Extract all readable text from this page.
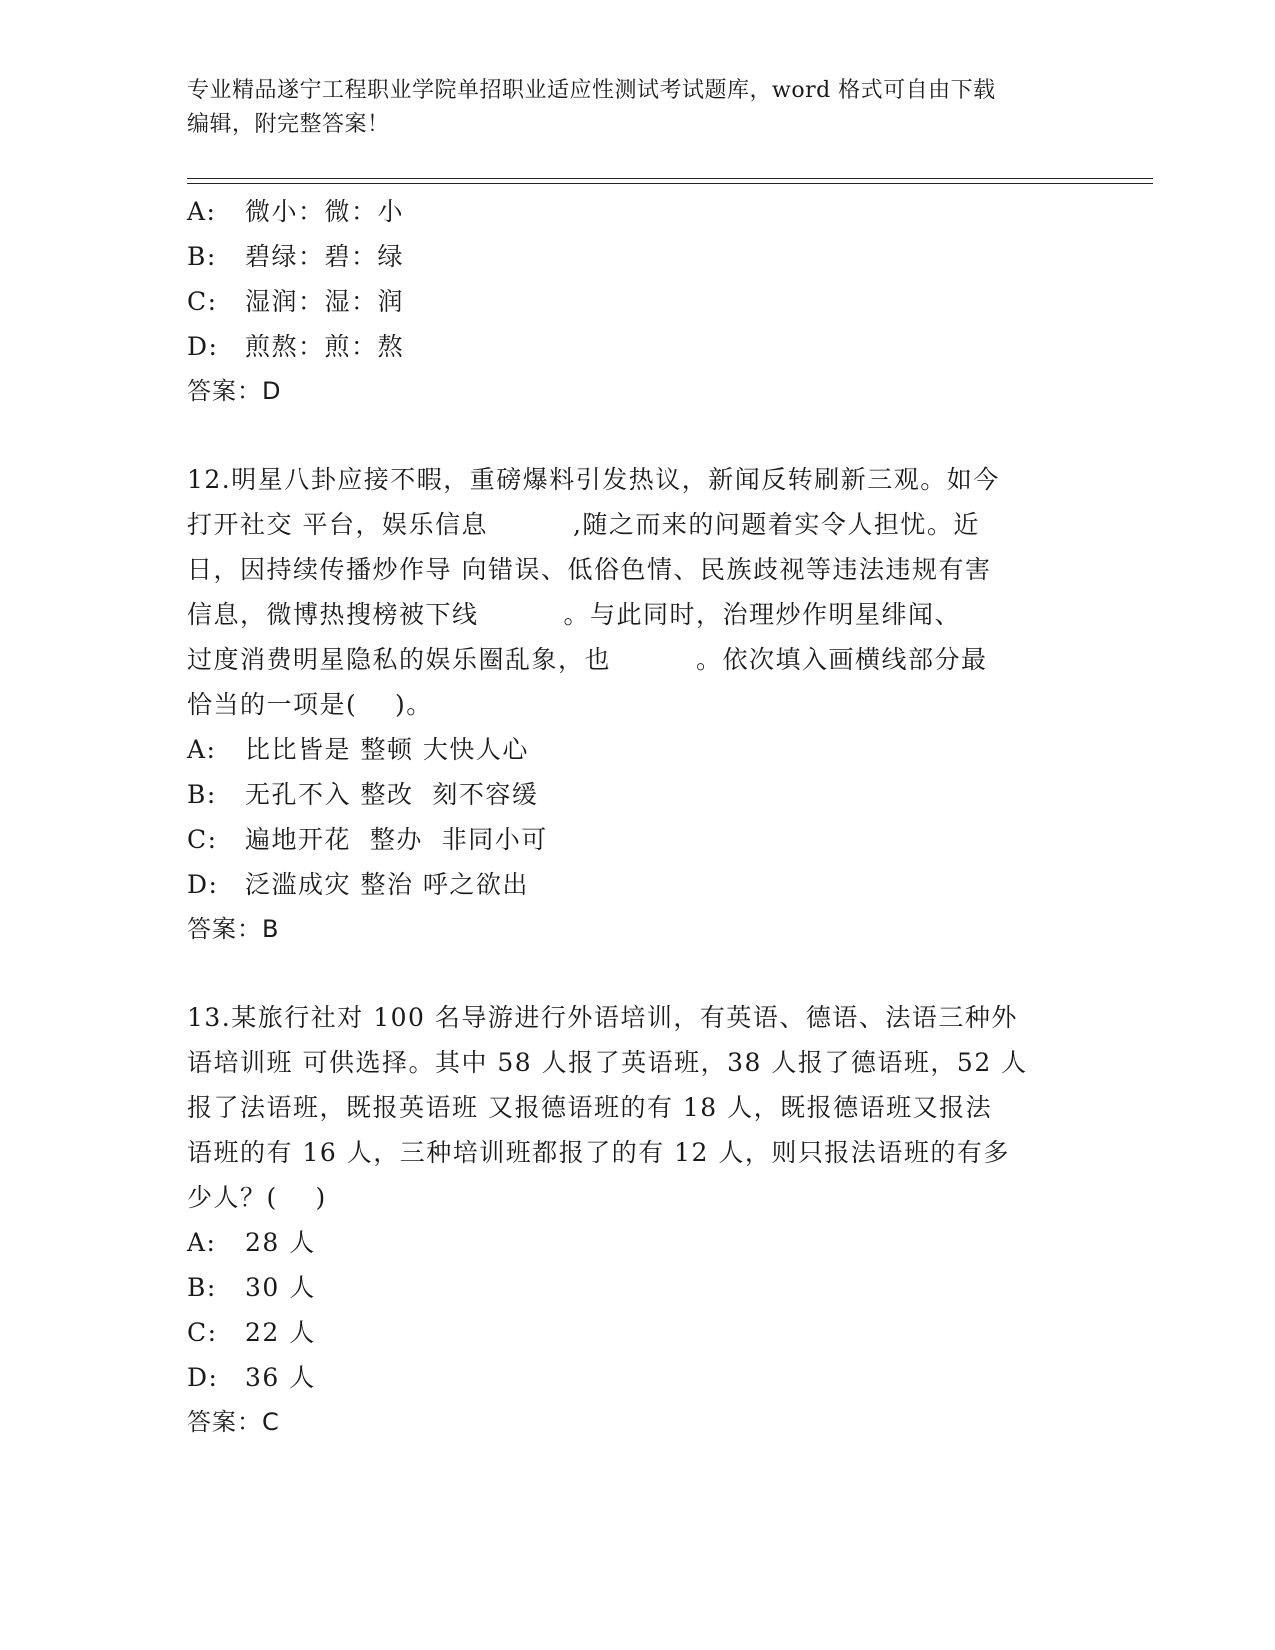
专业精品遂宁工程职业学院单招职业适应性测试考试题库，word 格式可自由下载
编辑，附完整答案！
A:	微小：微：小
B:	碧绿：碧：绿
C:	湿润：湿：润
D:	煎熬：煎：熬
答案：D
12.明星八卦应接不暇，重磅爆料引发热议，新闻反转刷新三观。如今
打开社交 平台，娱乐信息         ,随之而来的问题着实令人担忧。近
日，因持续传播炒作导 向错误、低俗色情、民族歧视等违法违规有害
信息，微博热搜榜被下线         。与此同时，治理炒作明星绯闻、
过度消费明星隐私的娱乐圈乱象，也         。依次填入画横线部分最
恰当的一项是(    )。
A:	比比皆是 整顿 大快人心
B:	无孔不入 整改  刻不容缓
C:	遍地开花  整办  非同小可
D:	泛滥成灾 整治 呼之欲出
答案：B
13.某旅行社对 100 名导游进行外语培训，有英语、德语、法语三种外
语培训班 可供选择。其中 58 人报了英语班，38 人报了德语班，52 人
报了法语班，既报英语班 又报德语班的有 18 人，既报德语班又报法
语班的有 16 人，三种培训班都报了的有 12 人，则只报法语班的有多
少人？(    )
A:	28 人
B:	30 人
C:	22 人
D:	36 人
答案：C
